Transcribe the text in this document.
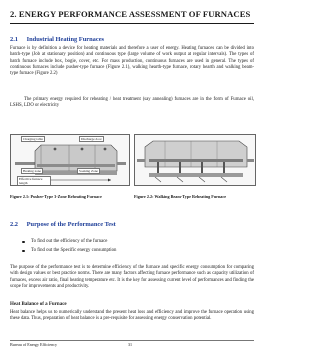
2. ENERGY PERFORMANCE ASSESSMENT OF FURNACES
2.1 Industrial Heating Furnaces

Furnace is by definition a device for heating materials and therefore a user of energy. Heating furnaces can be divided into batch-type (Job at stationary position) and continuous type (large volume of work output at regular intervals). The types of batch furnace include box, bogie, cover, etc. For mass production, continuous furnaces are used in general. The types of continuous furnaces include pusher-type furnace (Figure 2.1), walking hearth-type furnace, rotary hearth and walking beam-type furnace (Figure 2.2)

The primary energy required for reheating / heat treatment (say annealing) furnaces are in the form of Furnace oil, LSHS, LDO or electricity

Charging table	Discharge door
Heating zone	Soaking Zone
Effective furnace length
Figure 2.1: Pusher-Type 3-Zone Reheating Furnace	Figure 2.2: Walking Beam-Type Reheating Furnace
2.2 Purpose of the Performance Test
To find out the efficiency of the furnace
To find out the Specific energy consumption

The purpose of the performance test is to determine efficiency of the furnace and specific energy consumption for comparing with design values or best practice norms. There are many factors affecting furnace performance such as capacity utilization of furnaces, excess air ratio, final heating temperature etc. It is the key for assessing current level of performances and finding the scope for improvements and productivity.

Heat Balance of a Furnace

Heat balance helps us to numerically understand the present heat loss and efficiency and improve the furnace operation using these data. Thus, preparation of heat balance is a pre-requisite for assessing energy conservation potential.

Bureau of Energy Efficiency	31
